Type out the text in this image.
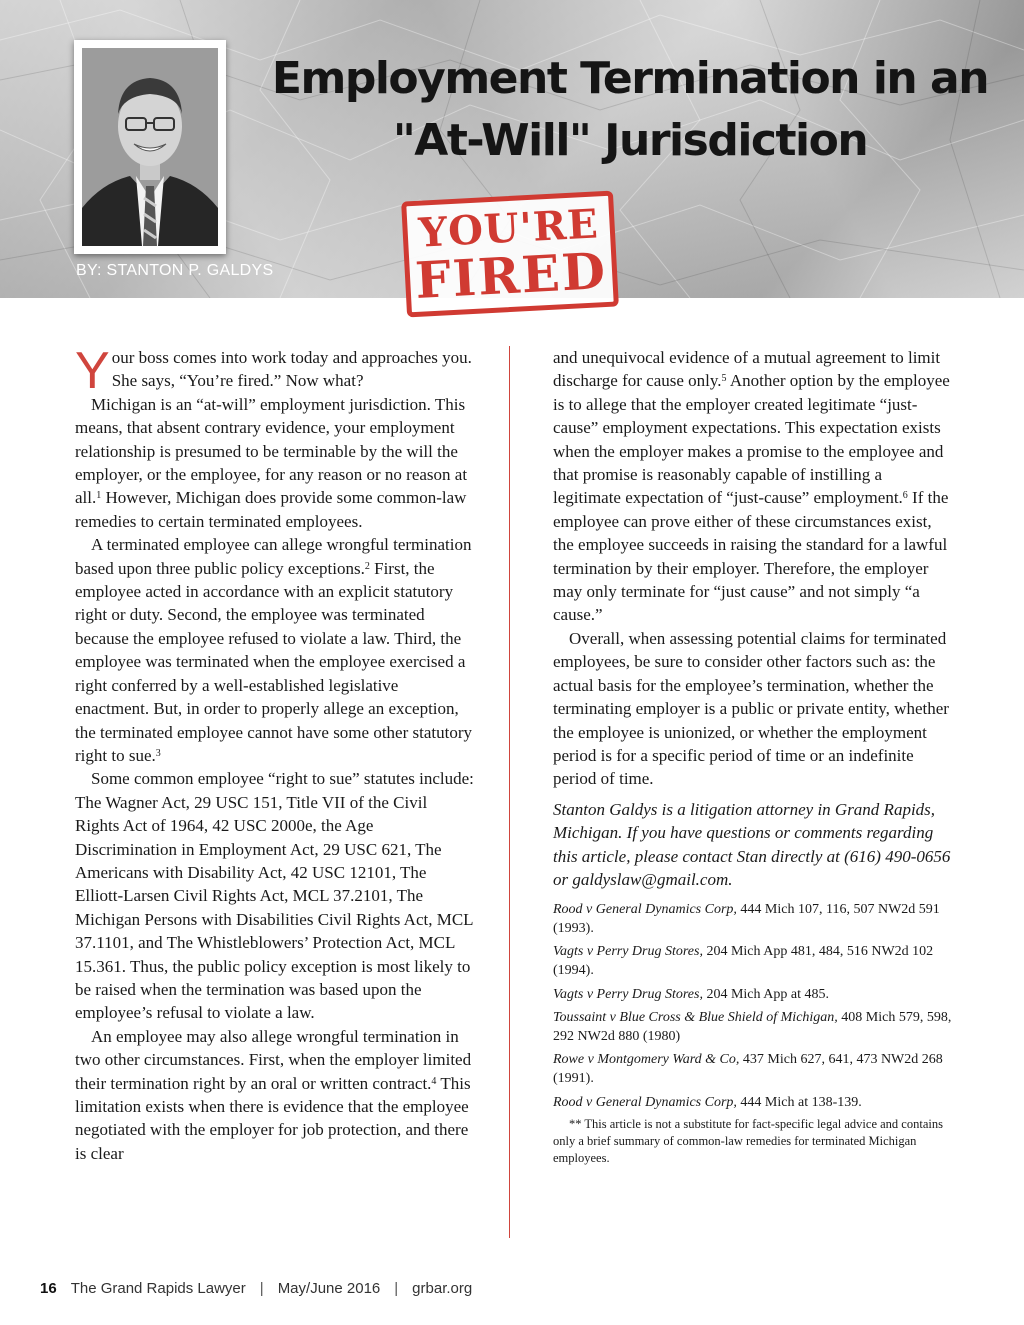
Employment Termination in an
"At-Will" Jurisdiction
BY: STANTON P. GALDYS
YOU'RE
FIRED

Your boss comes into work today and approaches you. She says, “You’re fired.” Now what?

Michigan is an “at-will” employment jurisdiction. This means, that absent contrary evidence, your employment relationship is presumed to be terminable by the will the employer, or the employee, for any reason or no reason at all.$^1$ However, Michigan does provide some common-law remedies to certain terminated employees.

A terminated employee can allege wrongful termination based upon three public policy exceptions.$^2$ First, the employee acted in accordance with an explicit statutory right or duty. Second, the employee was terminated because the employee refused to violate a law. Third, the employee was terminated when the employee exercised a right conferred by a well-established legislative enactment. But, in order to properly allege an exception, the terminated employee cannot have some other statutory right to sue.$^3$

Some common employee “right to sue” statutes include: The Wagner Act, 29 USC 151, Title VII of the Civil Rights Act of 1964, 42 USC 2000e, the Age Discrimination in Employment Act, 29 USC 621, The Americans with Disability Act, 42 USC 12101, The Elliott-Larsen Civil Rights Act, MCL 37.2101, The Michigan Persons with Disabilities Civil Rights Act, MCL 37.1101, and The Whistleblowers’ Protection Act, MCL 15.361. Thus, the public policy exception is most likely to be raised when the termination was based upon the employee’s refusal to violate a law.

An employee may also allege wrongful termination in two other circumstances. First, when the employer limited their termination right by an oral or written contract.$^4$ This limitation exists when there is evidence that the employee negotiated with the employer for job protection, and there is clear

and unequivocal evidence of a mutual agreement to limit discharge for cause only.$^5$ Another option by the employee is to allege that the employer created legitimate “just-cause” employment expectations. This expectation exists when the employer makes a promise to the employee and that promise is reasonably capable of instilling a legitimate expectation of “just-cause” employment.$^6$ If the employee can prove either of these circumstances exist, the employee succeeds in raising the standard for a lawful termination by their employer. Therefore, the employer may only terminate for “just cause” and not simply “a cause.”

Overall, when assessing potential claims for terminated employees, be sure to consider other factors such as: the actual basis for the employee’s termination, whether the terminating employer is a public or private entity, whether the employee is unionized, or whether the employment period is for a specific period of time or an indefinite period of time.

Stanton Galdys is a litigation attorney in Grand Rapids, Michigan. If you have questions or comments regarding this article, please contact Stan directly at (616) 490-0656 or galdyslaw@gmail.com.

Rood v General Dynamics Corp, 444 Mich 107, 116, 507 NW2d 591 (1993).
Vagts v Perry Drug Stores, 204 Mich App 481, 484, 516 NW2d 102 (1994).
Vagts v Perry Drug Stores, 204 Mich App at 485.
Toussaint v Blue Cross & Blue Shield of Michigan, 408 Mich 579, 598, 292 NW2d 880 (1980)
Rowe v Montgomery Ward & Co, 437 Mich 627, 641, 473 NW2d 268 (1991).
Rood v General Dynamics Corp, 444 Mich at 138-139.

** This article is not a substitute for fact-specific legal advice and contains only a brief summary of common-law remedies for terminated Michigan employees.

16 The Grand Rapids Lawyer | May/June 2016 | grbar.org
